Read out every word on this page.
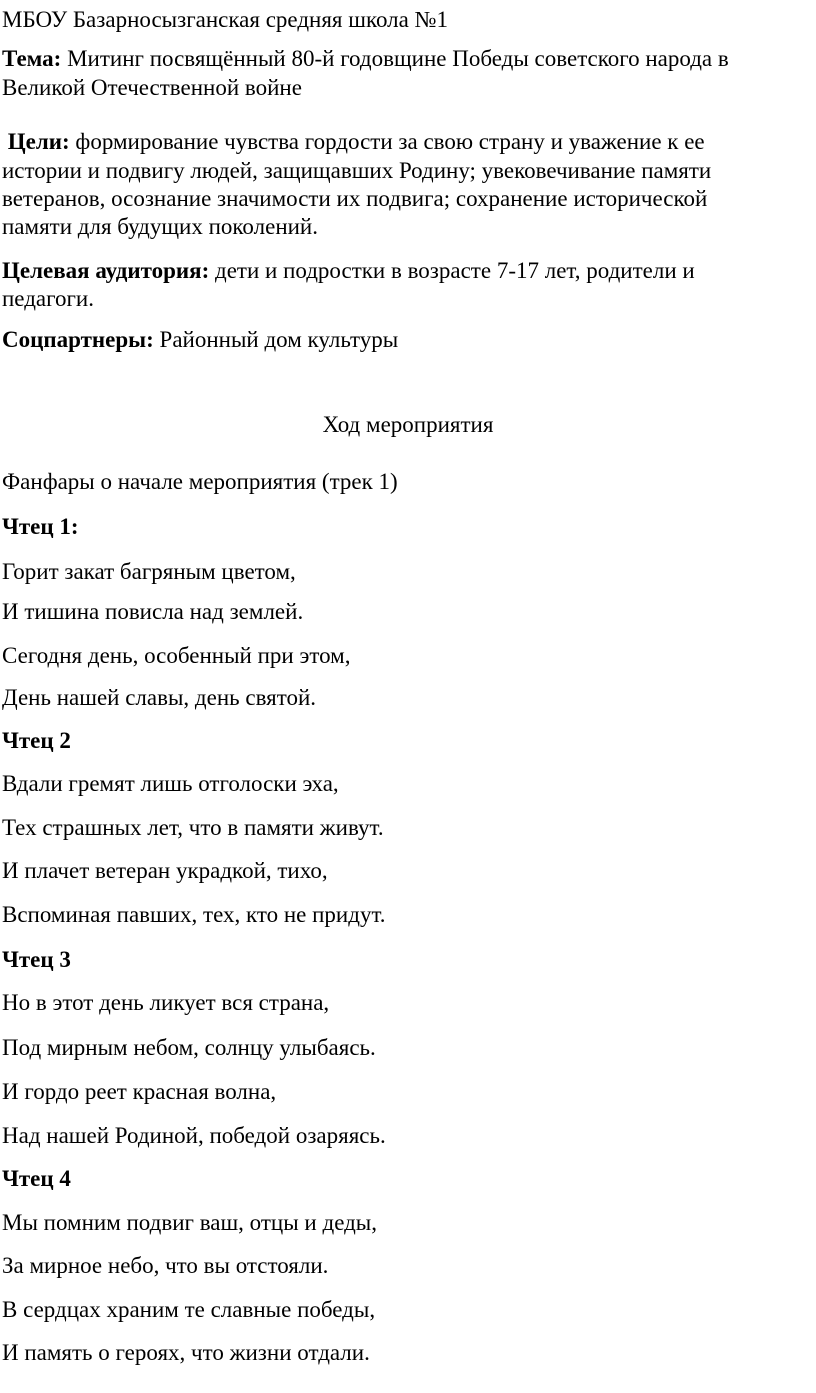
МБОУ Базарносызганская средняя школа №1
Тема: Митинг посвящённый 80-й годовщине Победы советского народа в
Великой Отечественной войне
Цели: формирование чувства гордости за свою страну и уважение к ее
истории и подвигу людей, защищавших Родину; увековечивание памяти
ветеранов, осознание значимости их подвига; сохранение исторической
памяти для будущих поколений.
Целевая аудитория: дети и подростки в возрасте 7-17 лет, родители и
педагоги.
Соцпартнеры: Районный дом культуры
Ход мероприятия
Фанфары о начале мероприятия (трек 1)
Чтец 1:
Горит закат багряным цветом,
И тишина повисла над землей.
Сегодня день, особенный при этом,
День нашей славы, день святой.
Чтец 2
Вдали гремят лишь отголоски эха,
Тех страшных лет, что в памяти живут.
И плачет ветеран украдкой, тихо,
Вспоминая павших, тех, кто не придут.
Чтец 3
Но в этот день ликует вся страна,
Под мирным небом, солнцу улыбаясь.
И гордо реет красная волна,
Над нашей Родиной, победой озаряясь.
Чтец 4
Мы помним подвиг ваш, отцы и деды,
За мирное небо, что вы отстояли.
В сердцах храним те славные победы,
И память о героях, что жизни отдали.
